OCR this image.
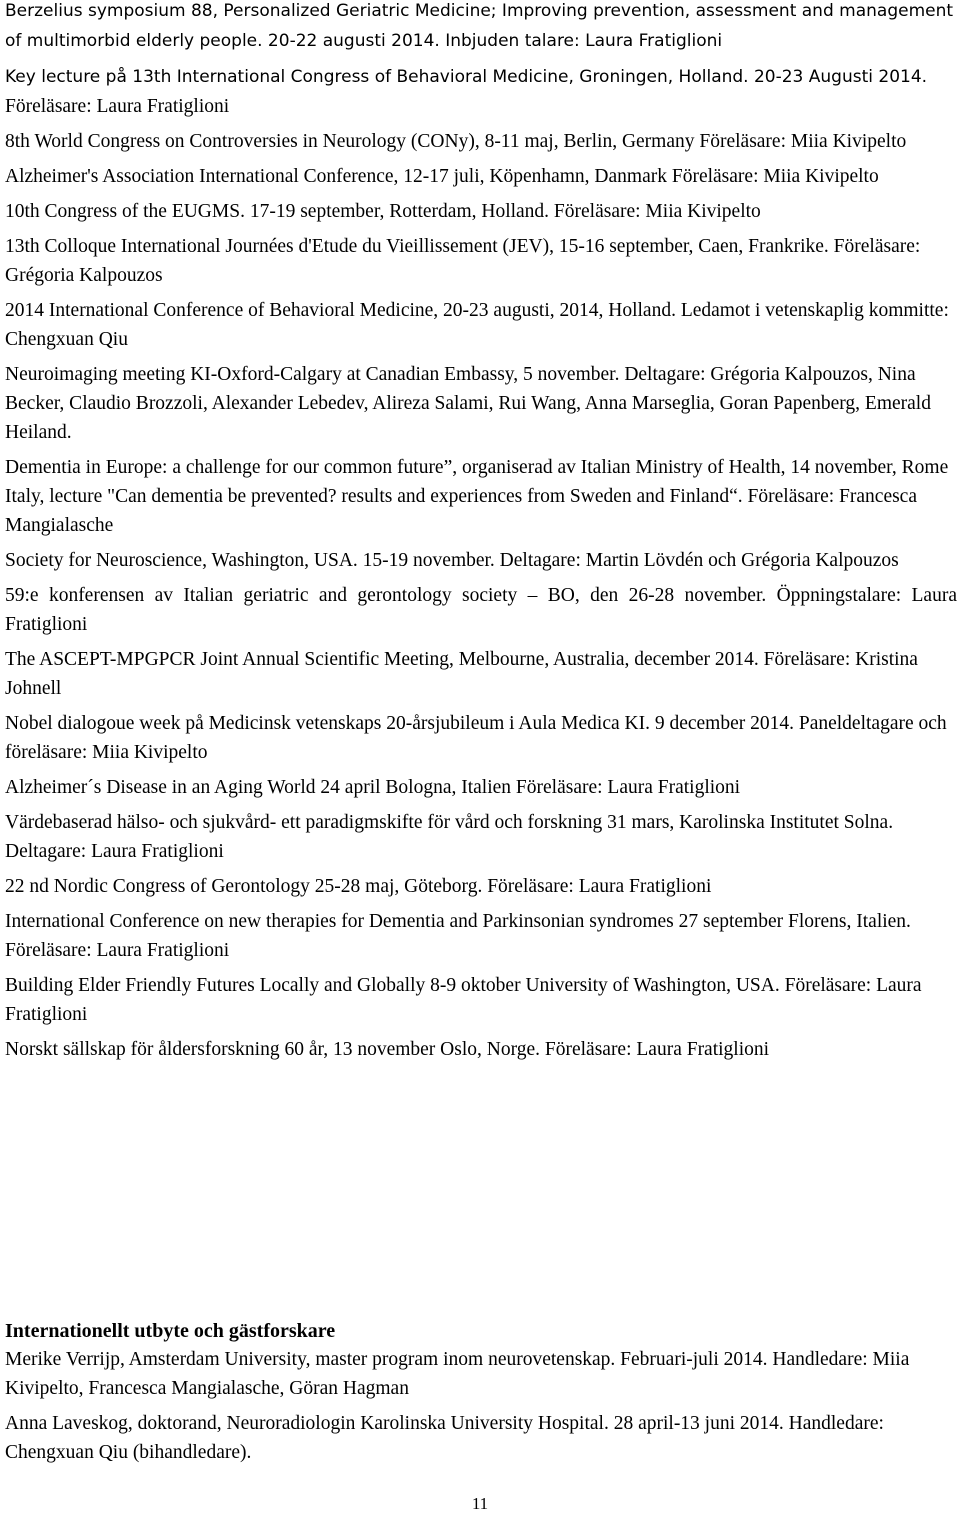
Berzelius symposium 88, Personalized Geriatric Medicine; Improving prevention, assessment and management of multimorbid elderly people. 20-22 augusti 2014. Inbjuden talare: Laura Fratiglioni

Key lecture på 13th International Congress of Behavioral Medicine, Groningen, Holland. 20-23 Augusti 2014. Föreläsare: Laura Fratiglioni

8th World Congress on Controversies in Neurology (CONy), 8-11 maj, Berlin, Germany Föreläsare: Miia Kivipelto

Alzheimer's Association International Conference, 12-17 juli, Köpenhamn, Danmark Föreläsare: Miia Kivipelto

10th Congress of the EUGMS. 17-19 september, Rotterdam, Holland. Föreläsare: Miia Kivipelto

13th Colloque International Journées d'Etude du Vieillissement (JEV), 15-16 september, Caen, Frankrike. Föreläsare: Grégoria Kalpouzos

2014 International Conference of Behavioral Medicine, 20-23 augusti, 2014, Holland. Ledamot i vetenskaplig kommitte: Chengxuan Qiu

Neuroimaging meeting KI-Oxford-Calgary at Canadian Embassy, 5 november. Deltagare: Grégoria Kalpouzos, Nina Becker, Claudio Brozzoli, Alexander Lebedev, Alireza Salami, Rui Wang, Anna Marseglia, Goran Papenberg, Emerald Heiland.

Dementia in Europe: a challenge for our common future”, organiserad av Italian Ministry of Health, 14 november, Rome Italy, lecture "Can dementia be prevented? results and experiences from Sweden and Finland“. Föreläsare: Francesca Mangialasche

Society for Neuroscience, Washington, USA. 15-19 november. Deltagare: Martin Lövdén och Grégoria Kalpouzos

59:e konferensen av Italian geriatric and gerontology society – BO, den 26-28 november. Öppningstalare: Laura Fratiglioni

The ASCEPT-MPGPCR Joint Annual Scientific Meeting, Melbourne, Australia, december 2014. Föreläsare: Kristina Johnell

Nobel dialogoue week på Medicinsk vetenskaps 20-årsjubileum i Aula Medica KI. 9 december 2014. Paneldeltagare och föreläsare: Miia Kivipelto

Alzheimer´s Disease in an Aging World 24 april Bologna, Italien Föreläsare: Laura Fratiglioni

Värdebaserad hälso- och sjukvård- ett paradigmskifte för vård och forskning 31 mars, Karolinska Institutet Solna. Deltagare: Laura Fratiglioni

22 nd Nordic Congress of Gerontology 25-28 maj, Göteborg. Föreläsare: Laura Fratiglioni

International Conference on new therapies for Dementia and Parkinsonian syndromes 27 september Florens, Italien. Föreläsare: Laura Fratiglioni

Building Elder Friendly Futures Locally and Globally 8-9 oktober University of Washington, USA. Föreläsare: Laura Fratiglioni

Norskt sällskap för åldersforskning 60 år, 13 november Oslo, Norge. Föreläsare: Laura Fratiglioni

Internationellt utbyte och gästforskare

Merike Verrijp, Amsterdam University, master program inom neurovetenskap. Februari-juli 2014. Handledare: Miia Kivipelto, Francesca Mangialasche, Göran Hagman

Anna Laveskog, doktorand, Neuroradiologin Karolinska University Hospital. 28 april-13 juni 2014. Handledare: Chengxuan Qiu (bihandledare).

11
